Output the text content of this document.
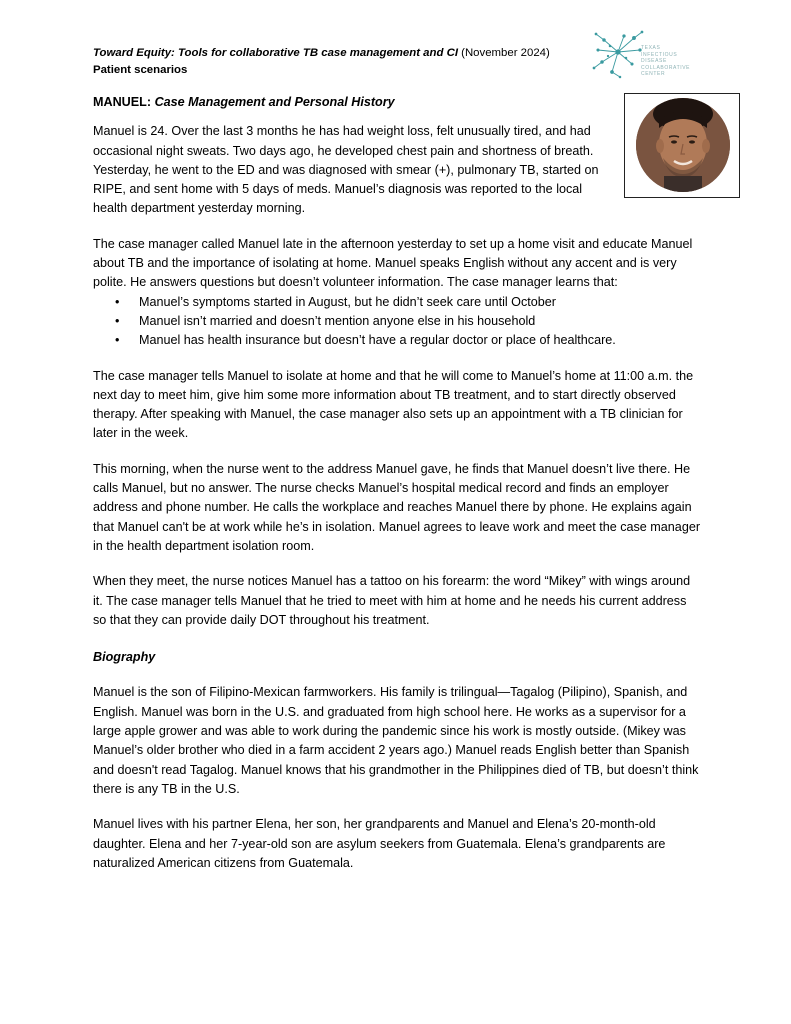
Toward Equity: Tools for collaborative TB case management and CI (November 2024)
Patient scenarios
TEXAS
INFECTIOUS DISEASE
COLLABORATIVE
CENTER

MANUEL: Case Management and Personal History

Manuel is 24. Over the last 3 months he has had weight loss, felt unusually tired, and had occasional night sweats. Two days ago, he developed chest pain and shortness of breath. Yesterday, he went to the ED and was diagnosed with smear (+), pulmonary TB, started on RIPE, and sent home with 5 days of meds. Manuel’s diagnosis was reported to the local health department yesterday morning.

The case manager called Manuel late in the afternoon yesterday to set up a home visit and educate Manuel about TB and the importance of isolating at home. Manuel speaks English without any accent and is very polite. He answers questions but doesn’t volunteer information. The case manager learns that:

• Manuel’s symptoms started in August, but he didn’t seek care until October
• Manuel isn’t married and doesn’t mention anyone else in his household
• Manuel has health insurance but doesn’t have a regular doctor or place of healthcare.

The case manager tells Manuel to isolate at home and that he will come to Manuel’s home at 11:00 a.m. the next day to meet him, give him some more information about TB treatment, and to start directly observed therapy. After speaking with Manuel, the case manager also sets up an appointment with a TB clinician for later in the week.

This morning, when the nurse went to the address Manuel gave, he finds that Manuel doesn’t live there. He calls Manuel, but no answer. The nurse checks Manuel’s hospital medical record and finds an employer address and phone number. He calls the workplace and reaches Manuel there by phone. He explains again that Manuel can't be at work while he’s in isolation. Manuel agrees to leave work and meet the case manager in the health department isolation room.

When they meet, the nurse notices Manuel has a tattoo on his forearm: the word “Mikey” with wings around it. The case manager tells Manuel that he tried to meet with him at home and he needs his current address so that they can provide daily DOT throughout his treatment.

Biography

Manuel is the son of Filipino-Mexican farmworkers. His family is trilingual—Tagalog (Pilipino), Spanish, and English. Manuel was born in the U.S. and graduated from high school here. He works as a supervisor for a large apple grower and was able to work during the pandemic since his work is mostly outside. (Mikey was Manuel’s older brother who died in a farm accident 2 years ago.) Manuel reads English better than Spanish and doesn't read Tagalog. Manuel knows that his grandmother in the Philippines died of TB, but doesn’t think there is any TB in the U.S.

Manuel lives with his partner Elena, her son, her grandparents and Manuel and Elena’s 20-month-old daughter. Elena and her 7-year-old son are asylum seekers from Guatemala. Elena’s grandparents are naturalized American citizens from Guatemala.
